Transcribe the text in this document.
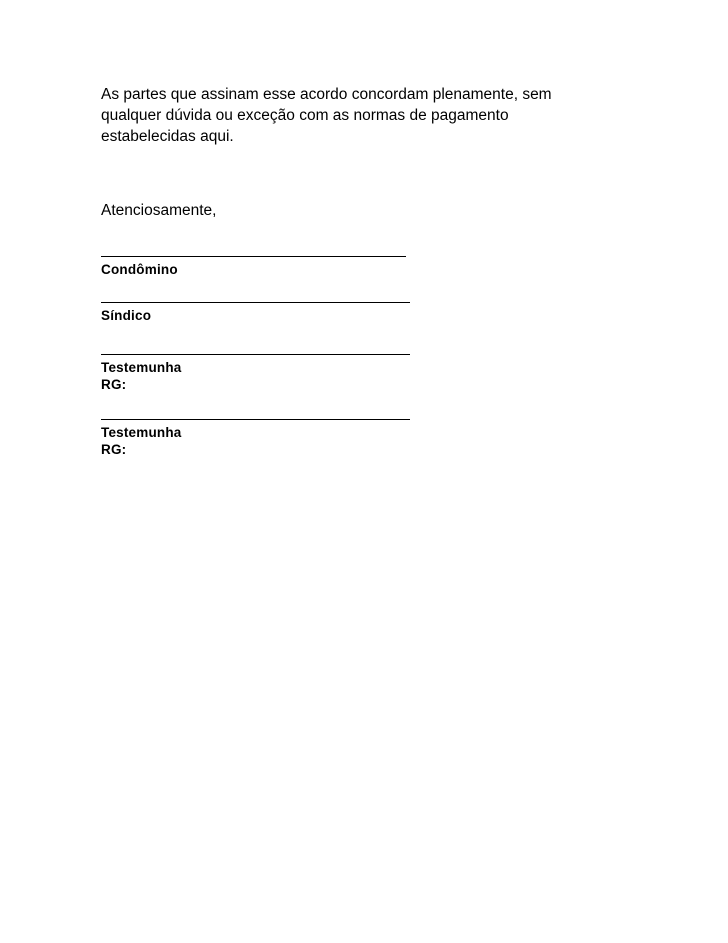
As partes que assinam esse acordo concordam plenamente, sem
qualquer dúvida ou exceção com as normas de pagamento
estabelecidas aqui.
Atenciosamente,
Condômino
Síndico
Testemunha
RG:
Testemunha
RG:
